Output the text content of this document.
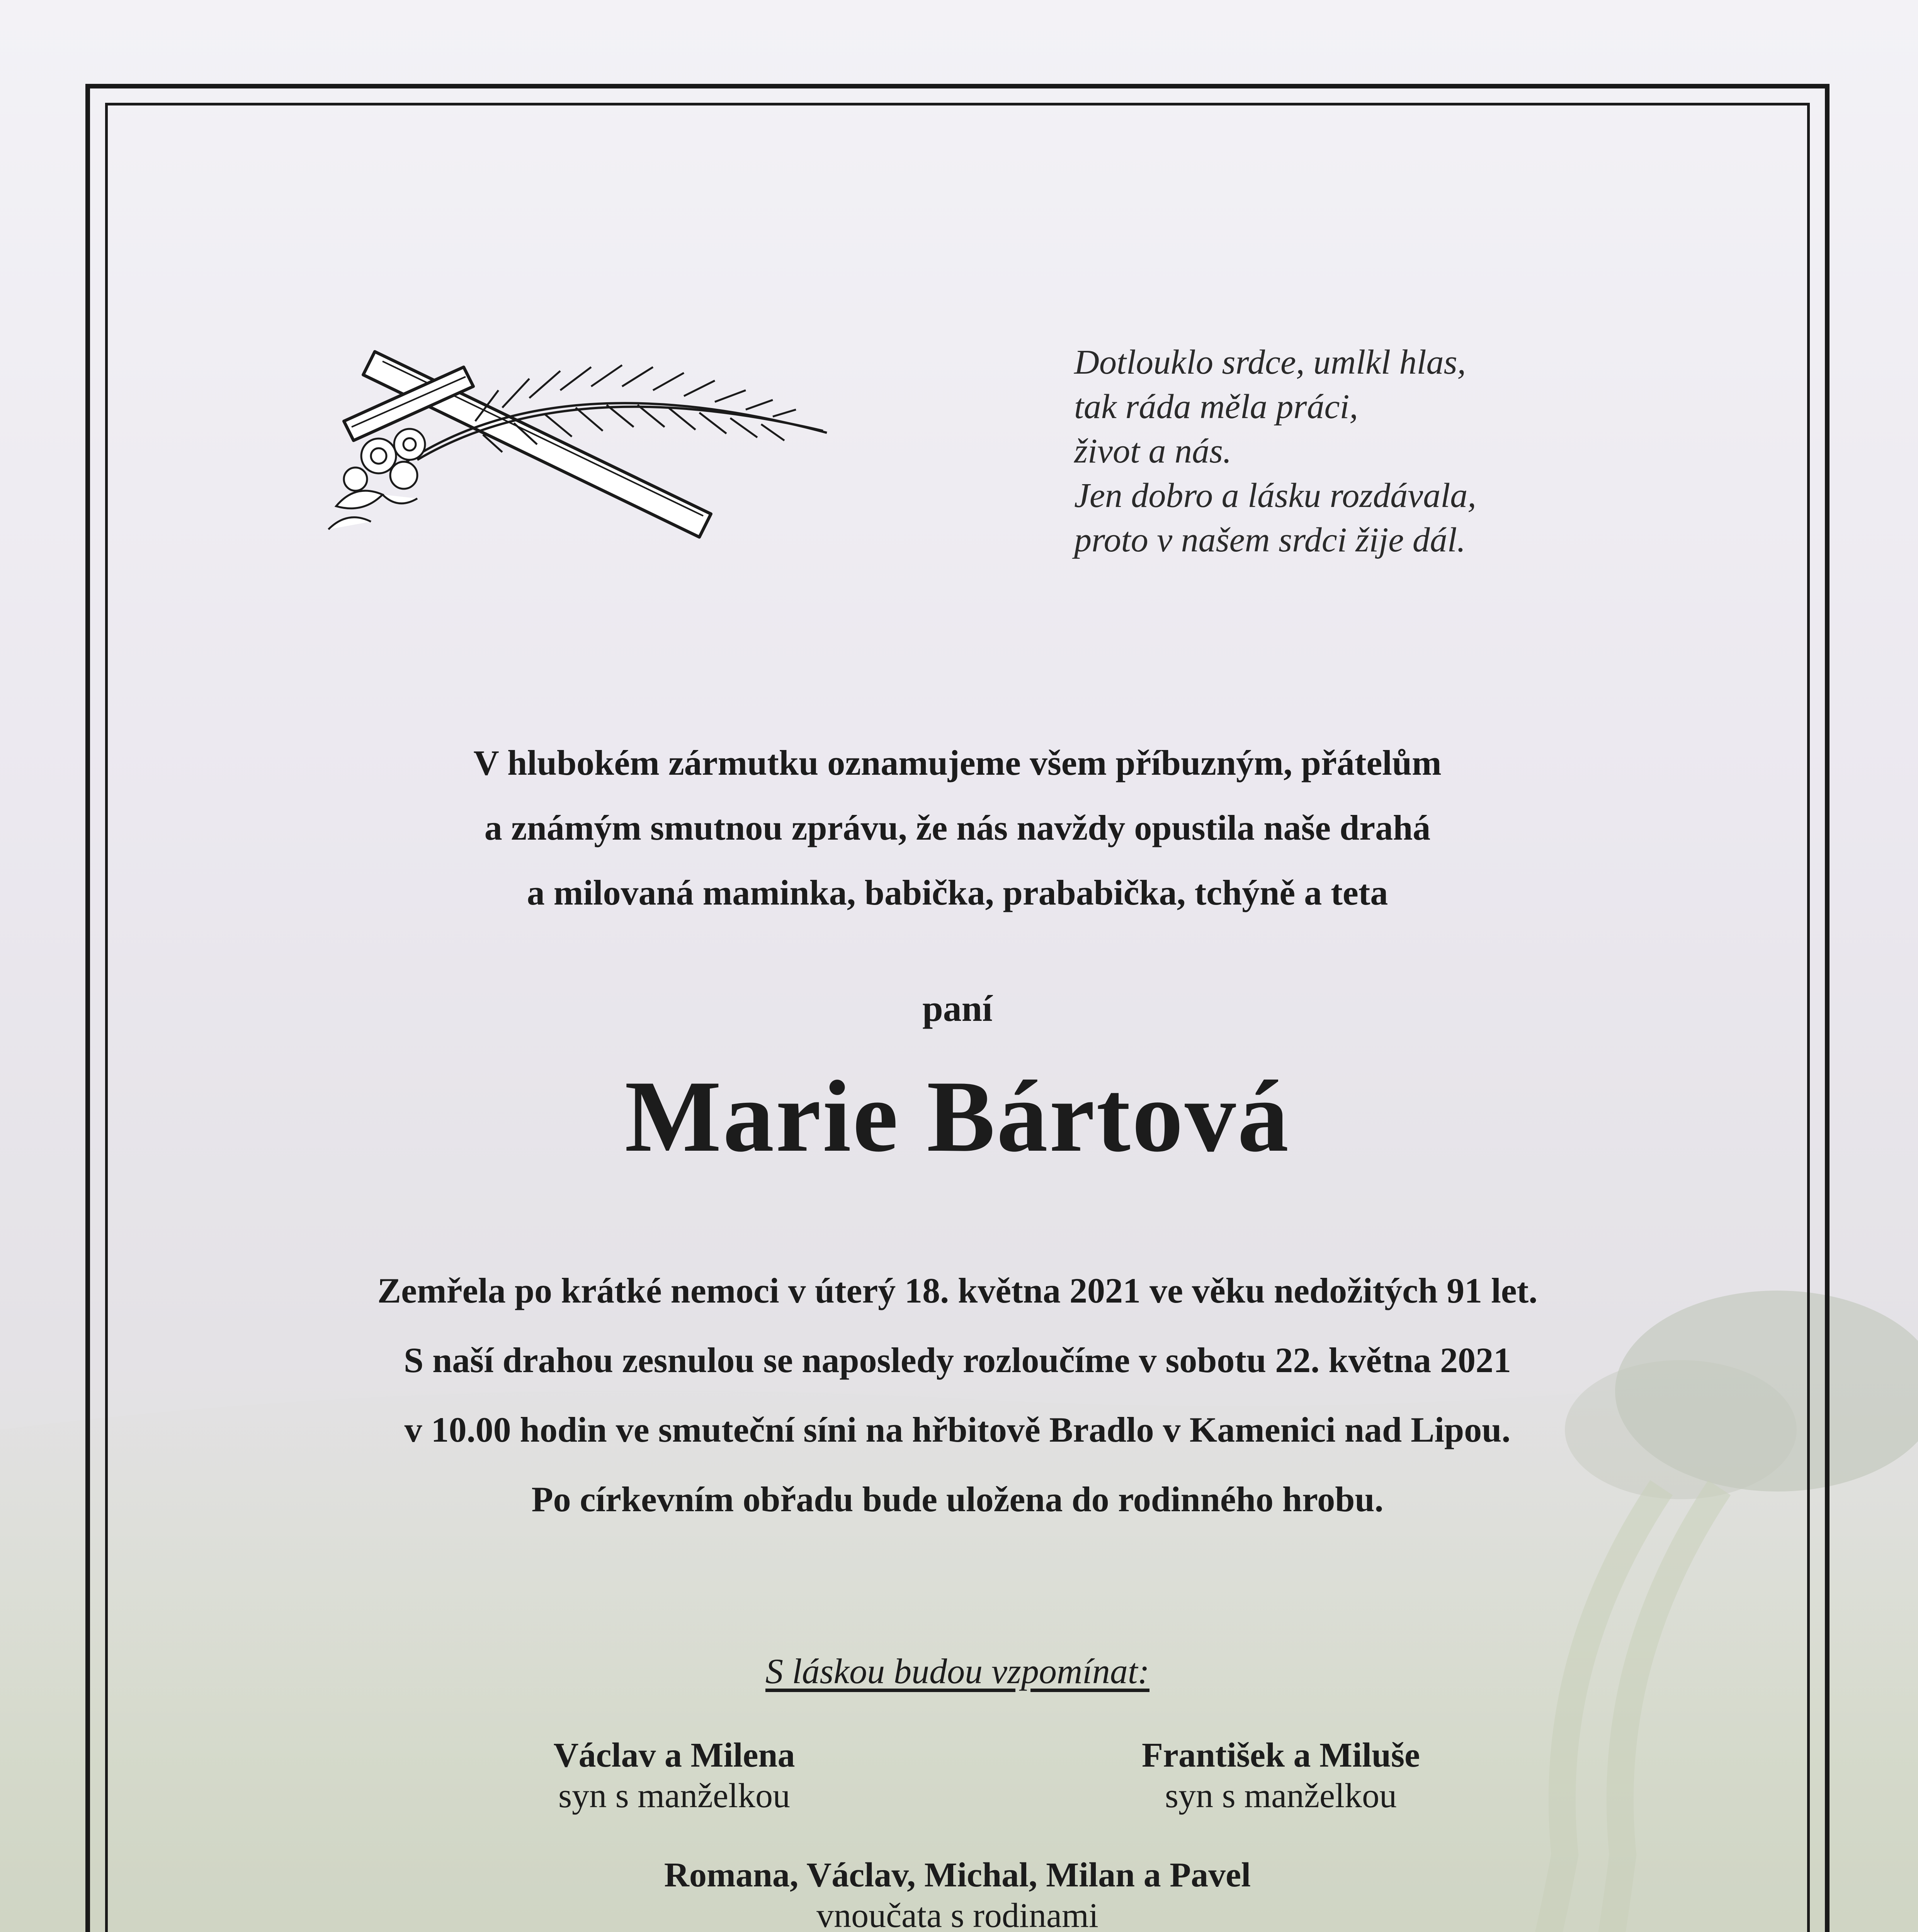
Dotlouklo srdce, umlkl hlas,
tak ráda měla práci,
život a nás.
Jen dobro a lásku rozdávala,
proto v našem srdci žije dál.
V hlubokém zármutku oznamujeme všem příbuzným, přátelům
a známým smutnou zprávu, že nás navždy opustila naše drahá
a milovaná maminka, babička, prababička, tchýně a teta
paní
Marie Bártová
Zemřela po krátké nemoci v úterý 18. května 2021 ve věku nedožitých 91 let.
S naší drahou zesnulou se naposledy rozloučíme v sobotu 22. května 2021
v 10.00 hodin ve smuteční síni na hřbitově Bradlo v Kamenici nad Lipou.
Po církevním obřadu bude uložena do rodinného hrobu.
S láskou budou vzpomínat:
Václav a Milena
syn s manželkou
František a Miluše
syn s manželkou
Romana, Václav, Michal, Milan a Pavel
vnoučata s rodinami
